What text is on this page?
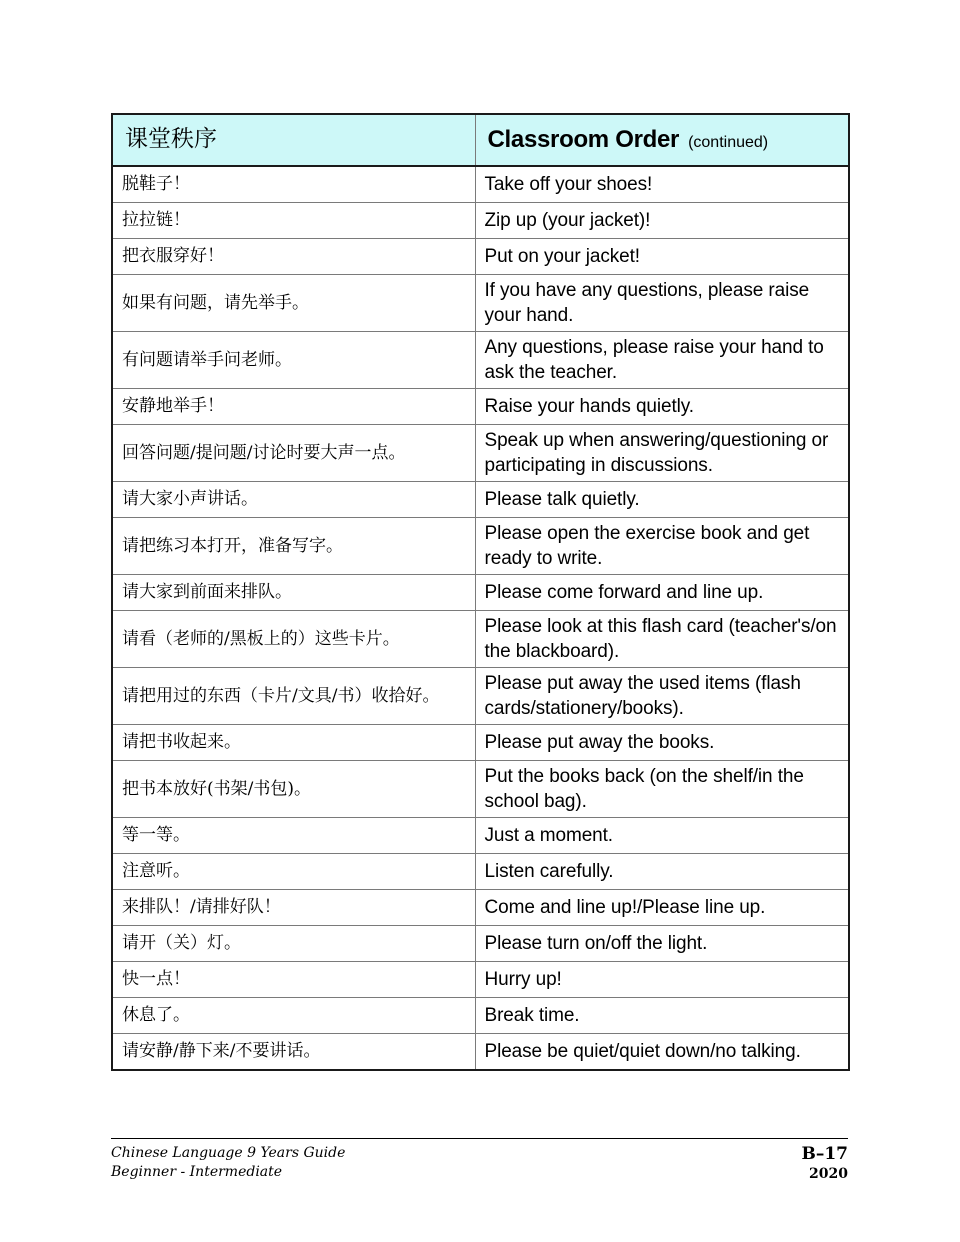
课堂秩序	Classroom Order (continued)

脱鞋子！	Take off your shoes!

拉拉链！	Zip up (your jacket)!

把衣服穿好！	Put on your jacket!

如果有问题，请先举手。	If you have any questions, please raise your hand.

有问题请举手问老师。	Any questions, please raise your hand to ask the teacher.

安静地举手！	Raise your hands quietly.

回答问题/提问题/讨论时要大声一点。	Speak up when answering/questioning or participating in discussions.

请大家小声讲话。	Please talk quietly.

请把练习本打开，准备写字。	Please open the exercise book and get ready to write.

请大家到前面来排队。	Please come forward and line up.

请看（老师的/黑板上的）这些卡片。	Please look at this flash card (teacher's/on the blackboard).

请把用过的东西（卡片/文具/书）收拾好。	Please put away the used items (flash cards/stationery/books).

请把书收起来。	Please put away the books.

把书本放好(书架/书包)。	Put the books back (on the shelf/in the school bag).

等一等。	Just a moment.

注意听。	Listen carefully.

来排队！/请排好队！	Come and line up!/Please line up.

请开（关）灯。	Please turn on/off the light.

快一点！	Hurry up!

休息了。	Break time.

请安静/静下来/不要讲话。	Please be quiet/quiet down/no talking.
Chinese Language 9 Years Guide
Beginner - Intermediate
B–17
2020
